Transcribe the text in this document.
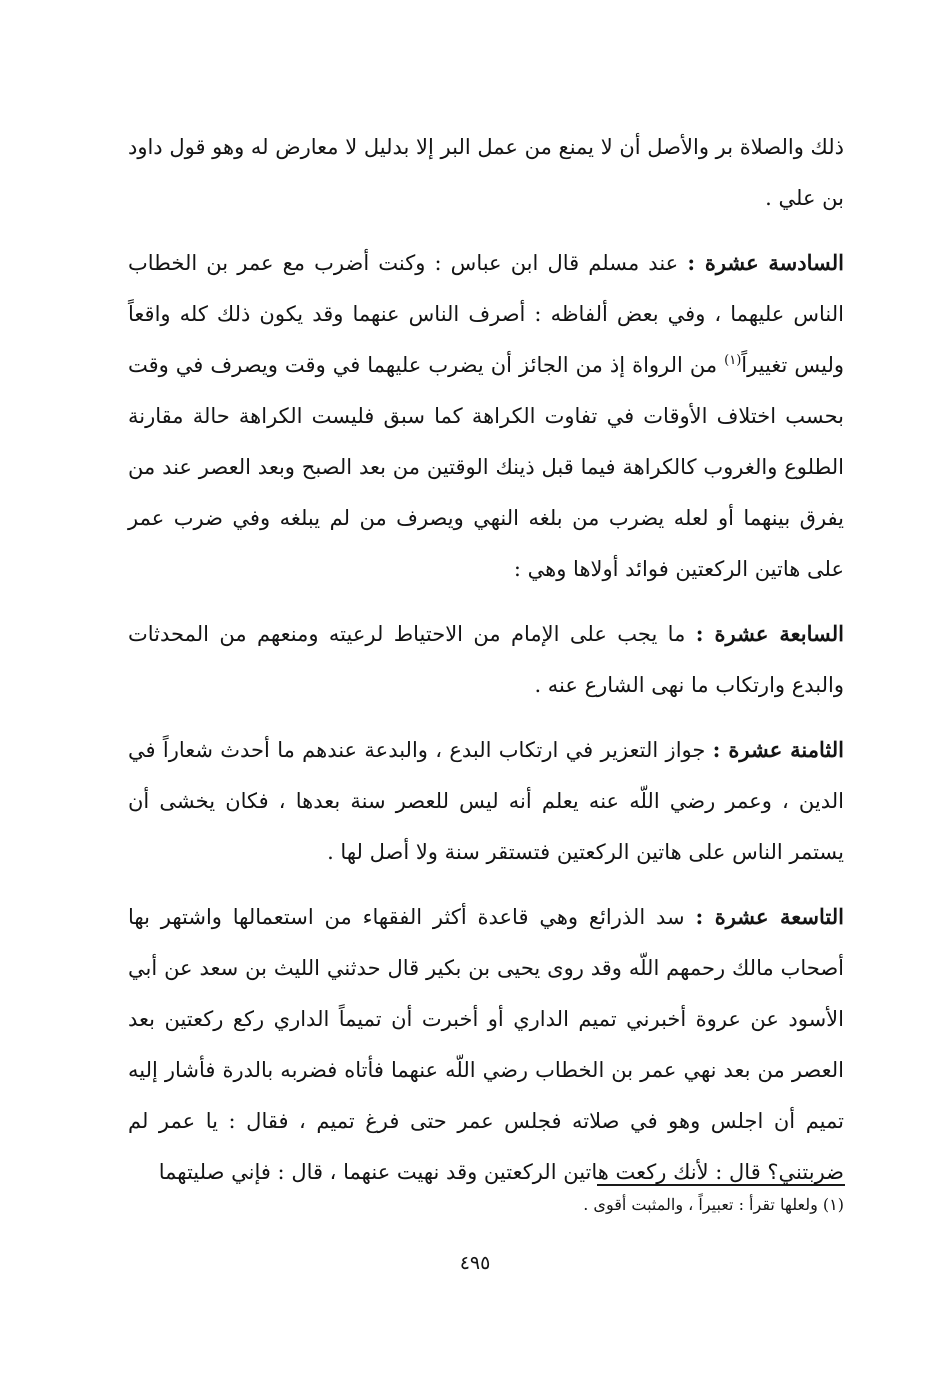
ذلك والصلاة بر والأصل أن لا يمنع من عمل البر إلا بدليل لا معارض له وهو قول داود بن علي .

السادسة عشرة : عند مسلم قال ابن عباس : وكنت أضرب مع عمر بن الخطاب الناس عليهما ، وفي بعض ألفاظه : أصرف الناس عنهما وقد يكون ذلك كله واقعاً وليس تغييراً$^{(١)}$ من الرواة إذ من الجائز أن يضرب عليهما في وقت ويصرف في وقت بحسب اختلاف الأوقات في تفاوت الكراهة كما سبق فليست الكراهة حالة مقارنة الطلوع والغروب كالكراهة فيما قبل ذينك الوقتين من بعد الصبح وبعد العصر عند من يفرق بينهما أو لعله يضرب من بلغه النهي ويصرف من لم يبلغه وفي ضرب عمر على هاتين الركعتين فوائد أولاها وهي :

السابعة عشرة : ما يجب على الإمام من الاحتياط لرعيته ومنعهم من المحدثات والبدع وارتكاب ما نهى الشارع عنه .

الثامنة عشرة : جواز التعزير في ارتكاب البدع ، والبدعة عندهم ما أحدث شعاراً في الدين ، وعمر رضي اللّه عنه يعلم أنه ليس للعصر سنة بعدها ، فكان يخشى أن يستمر الناس على هاتين الركعتين فتستقر سنة ولا أصل لها .

التاسعة عشرة : سد الذرائع وهي قاعدة أكثر الفقهاء من استعمالها واشتهر بها أصحاب مالك رحمهم اللّه وقد روى يحيى بن بكير قال حدثني الليث بن سعد عن أبي الأسود عن عروة أخبرني تميم الداري أو أخبرت أن تميماً الداري ركع ركعتين بعد العصر من بعد نهي عمر بن الخطاب رضي اللّه عنهما فأتاه فضربه بالدرة فأشار إليه تميم أن اجلس وهو في صلاته فجلس عمر حتى فرغ تميم ، فقال : يا عمر لم ضربتني؟ قال : لأنك ركعت هاتين الركعتين وقد نهيت عنهما ، قال : فإني صليتهما

(١) ولعلها تقرأ : تعبيراً ، والمثبت أقوى .
٤٩٥
